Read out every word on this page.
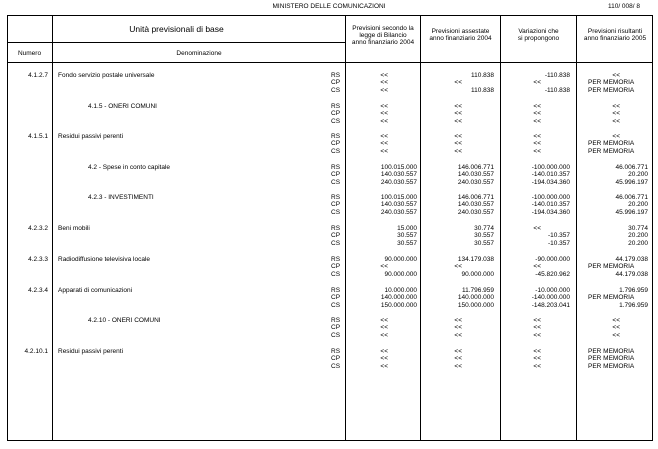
MINISTERO DELLE COMUNICAZIONI	110/ 008/ 8
Unità previsionali di base
Numero	Denominazione
Previsioni secondo la
legge di Bilancio
anno finanziario 2004
Previsioni assestate
anno finanziario 2004
Variazioni che
si propongono
Previsioni risultanti
anno finanziario 2005
4.1.2.7 Fondo servizio postale universale	RS	<<	110.838	-110.838	<<
CP	<<	<<	<<	PER MEMORIA
CS	<<	110.838	-110.838	PER MEMORIA
4.1.5 - ONERI COMUNI	RS	<<	<<	<<	<<
CP	<<	<<	<<	<<
CS	<<	<<	<<	<<
4.1.5.1 Residui passivi perenti	RS	<<	<<	<<	<<
CP	<<	<<	<<	PER MEMORIA
CS	<<	<<	<<	PER MEMORIA
4.2 - Spese in conto capitale	RS	100.015.000	146.006.771	-100.000.000	46.006.771
CP	140.030.557	140.030.557	-140.010.357	20.200
CS	240.030.557	240.030.557	-194.034.360	45.996.197
4.2.3 - INVESTIMENTI	RS	100.015.000	146.006.771	-100.000.000	46.006.771
CP	140.030.557	140.030.557	-140.010.357	20.200
CS	240.030.557	240.030.557	-194.034.360	45.996.197
4.2.3.2 Beni mobili	RS	15.000	30.774	<<	30.774
CP	30.557	30.557	-10.357	20.200
CS	30.557	30.557	-10.357	20.200
4.2.3.3 Radiodiffusione televisiva locale	RS	90.000.000	134.179.038	-90.000.000	44.179.038
CP	<<	<<	<<	PER MEMORIA
CS	90.000.000	90.000.000	-45.820.962	44.179.038
4.2.3.4 Apparati di comunicazioni	RS	10.000.000	11.796.959	-10.000.000	1.796.959
CP	140.000.000	140.000.000	-140.000.000	PER MEMORIA
CS	150.000.000	150.000.000	-148.203.041	1.796.959
4.2.10 - ONERI COMUNI	RS	<<	<<	<<	<<
CP	<<	<<	<<	<<
CS	<<	<<	<<	<<
4.2.10.1 Residui passivi perenti	RS	<<	<<	<<	PER MEMORIA
CP	<<	<<	<<	PER MEMORIA
CS	<<	<<	<<	PER MEMORIA
